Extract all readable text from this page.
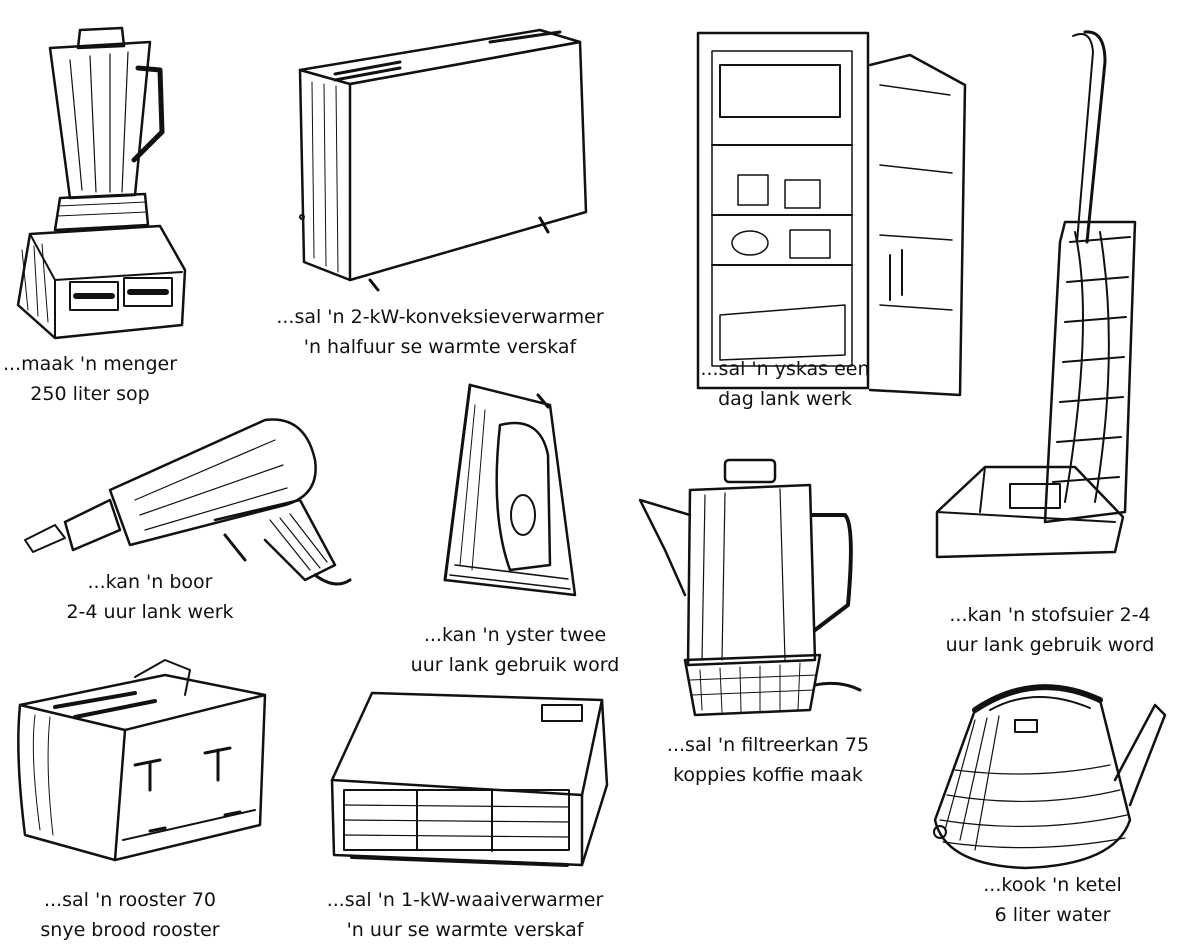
...maak 'n menger
250 liter sop
...sal 'n 2-kW-konveksieverwarmer
'n halfuur se warmte verskaf
...sal 'n yskas een
dag lank werk
...kan 'n boor
2-4 uur lank werk
...kan 'n yster twee
uur lank gebruik word
...sal 'n filtreerkan 75
koppies koffie maak
...kan 'n stofsuier 2-4
uur lank gebruik word
...sal 'n rooster 70
snye brood rooster
...sal 'n 1-kW-waaiverwarmer
'n uur se warmte verskaf
...kook 'n ketel
6 liter water
